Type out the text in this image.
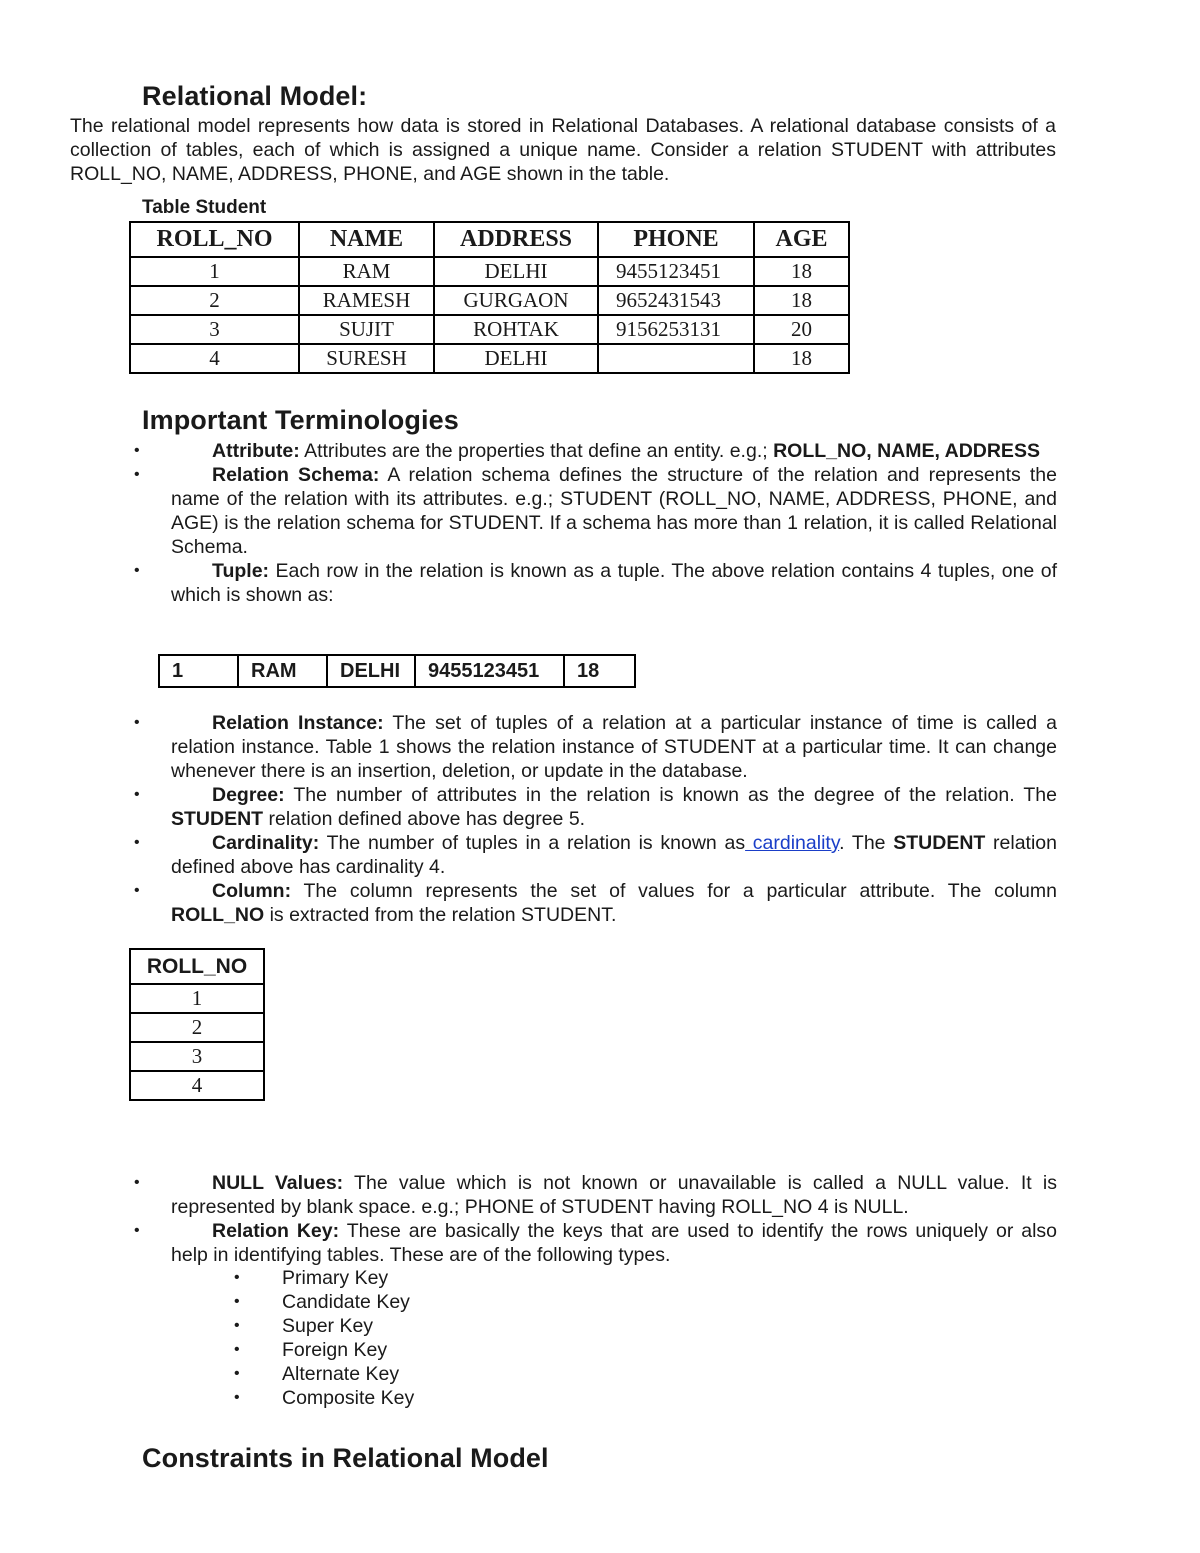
Relational Model:
The relational model represents how data is stored in Relational Databases. A relational database consists of a collection of tables, each of which is assigned a unique name. Consider a relation STUDENT with attributes ROLL_NO, NAME, ADDRESS, PHONE, and AGE shown in the table.
Table Student
ROLL_NO	NAME	ADDRESS	PHONE	AGE
1	RAM	DELHI	9455123451	18
2	RAMESH	GURGAON	9652431543	18
3	SUJIT	ROHTAK	9156253131	20
4	SURESH	DELHI		18
Important Terminologies
•	Attribute: Attributes are the properties that define an entity. e.g.; ROLL_NO, NAME, ADDRESS
•	Relation Schema: A relation schema defines the structure of the relation and represents the name of the relation with its attributes. e.g.; STUDENT (ROLL_NO, NAME, ADDRESS, PHONE, and AGE) is the relation schema for STUDENT. If a schema has more than 1 relation, it is called Relational Schema.
•	Tuple: Each row in the relation is known as a tuple. The above relation contains 4 tuples, one of which is shown as:
1	RAM	DELHI	9455123451	18
•	Relation Instance: The set of tuples of a relation at a particular instance of time is called a relation instance. Table 1 shows the relation instance of STUDENT at a particular time. It can change whenever there is an insertion, deletion, or update in the database.
•	Degree: The number of attributes in the relation is known as the degree of the relation. The STUDENT relation defined above has degree 5.
•	Cardinality: The number of tuples in a relation is known as cardinality. The STUDENT relation defined above has cardinality 4.
•	Column: The column represents the set of values for a particular attribute. The column ROLL_NO is extracted from the relation STUDENT.
ROLL_NO
1
2
3
4
•	NULL Values: The value which is not known or unavailable is called a NULL value. It is represented by blank space. e.g.; PHONE of STUDENT having ROLL_NO 4 is NULL.
•	Relation Key: These are basically the keys that are used to identify the rows uniquely or also help in identifying tables. These are of the following types.
• Primary Key
• Candidate Key
• Super Key
• Foreign Key
• Alternate Key
• Composite Key
Constraints in Relational Model
